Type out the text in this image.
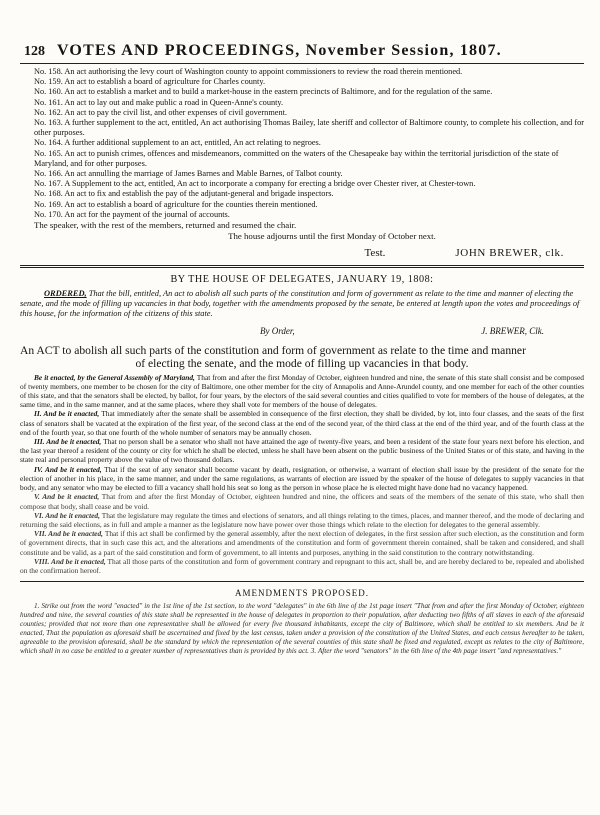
128 VOTES AND PROCEEDINGS, November Session, 1807.
No. 158. An act authorising the levy court of Washington county to appoint commissioners to review the road therein mentioned.
No. 159. An act to establish a board of agriculture for Charles county.
No. 160. An act to establish a market and to build a market-house in the eastern precincts of Baltimore, and for the regulation of the same.
No. 161. An act to lay out and make public a road in Queen-Anne's county.
No. 162. An act to pay the civil list, and other expenses of civil government.
No. 163. A further supplement to the act, entitled, An act authorising Thomas Bailey, late sheriff and collector of Baltimore county, to complete his collection, and for other purposes.
No. 164. A further additional supplement to an act, entitled, An act relating to negroes.
No. 165. An act to punish crimes, offences and misdemeanors, committed on the waters of the Chesapeake bay within the territorial jurisdiction of the state of Maryland, and for other purposes.
No. 166. An act annulling the marriage of James Barnes and Mable Barnes, of Talbot county.
No. 167. A Supplement to the act, entitled, An act to incorporate a company for erecting a bridge over Chester river, at Chester-town.
No. 168. An act to fix and establish the pay of the adjutant-general and brigade inspectors.
No. 169. An act to establish a board of agriculture for the counties therein mentioned.
No. 170. An act for the payment of the journal of accounts.
The speaker, with the rest of the members, returned and resumed the chair.
The house adjourns until the first Monday of October next.
Test.	JOHN BREWER, clk.
BY THE HOUSE OF DELEGATES, JANUARY 19, 1808:
ORDERED, That the bill, entitled, An act to abolish all such parts of the constitution and form of government as relate to the time and manner of electing the senate, and the mode of filling up vacancies in that body, together with the amendments proposed by the senate, be entered at length upon the votes and proceedings of this house, for the information of the citizens of this state.
By Order,	J. BREWER, Clk.
An ACT to abolish all such parts of the constitution and form of government as relate to the time and manner
of electing the senate, and the mode of filling up vacancies in that body.

Be it enacted, by the General Assembly of Maryland, That from and after the first Monday of October, eighteen hundred and nine, the senate of this state shall consist and be composed of twenty members, one member to be chosen for the city of Baltimore, one other member for the city of Annapolis and Anne-Arundel county, and one member for each of the other counties of this state, and that the senators shall be elected, by ballot, for four years, by the electors of the said several counties and cities qualified to vote for members of the house of delegates, at the same time, and in the same manner, and at the same places, where they shall vote for members of the house of delegates.

II. And be it enacted, That immediately after the senate shall be assembled in consequence of the first election, they shall be divided, by lot, into four classes, and the seats of the first class of senators shall be vacated at the expiration of the first year, of the second class at the end of the second year, of the third class at the end of the third year, and of the fourth class at the end of the fourth year, so that one fourth of the whole number of senators may be annually chosen.

III. And be it enacted, That no person shall be a senator who shall not have attained the age of twenty-five years, and been a resident of the state four years next before his election, and the last year thereof a resident of the county or city for which he shall be elected, unless he shall have been absent on the public business of the United States or of this state, and having in the state real and personal property above the value of two thousand dollars.

IV. And be it enacted, That if the seat of any senator shall become vacant by death, resignation, or otherwise, a warrant of election shall issue by the president of the senate for the election of another in his place, in the same manner, and under the same regulations, as warrants of election are issued by the speaker of the house of delegates to supply vacancies in that body, and any senator who may be elected to fill a vacancy shall hold his seat so long as the person in whose place he is elected might have done had no vacancy happened.

V. And be it enacted, That from and after the first Monday of October, eighteen hundred and nine, the officers and seats of the members of the senate of this state, who shall then compose that body, shall cease and be void.

VI. And be it enacted, That the legislature may regulate the times and elections of senators, and all things relating to the times, places, and manner thereof, and the mode of declaring and returning the said elections, as in full and ample a manner as the legislature now have power over those things which relate to the election for delegates to the general assembly.

VII. And be it enacted, That if this act shall be confirmed by the general assembly, after the next election of delegates, in the first session after such election, as the constitution and form of government directs, that in such case this act, and the alterations and amendments of the constitution and form of government therein contained, shall be taken and considered, and shall constitute and be valid, as a part of the said constitution and form of government, to all intents and purposes, anything in the said constitution to the contrary notwithstanding.

VIII. And be it enacted, That all those parts of the constitution and form of government contrary and repugnant to this act, shall be, and are hereby declared to be, repealed and abolished on the confirmation hereof.

AMENDMENTS PROPOSED.

1. Strike out from the word "enacted" in the 1st line of the 1st section, to the word "delegates" in the 6th line of the 1st page insert "That from and after the first Monday of October, eighteen hundred and nine, the several counties of this state shall be represented in the house of delegates in proportion to their population, after deducting two fifths of all slaves in each of the aforesaid counties; provided that not more than one representative shall be allowed for every five thousand inhabitants, except the city of Baltimore, which shall be entitled to six members. And be it enacted, That the population as aforesaid shall be ascertained and fixed by the last census, taken under a provision of the constitution of the United States, and each census hereafter to be taken, agreeable to the provision aforesaid, shall be the standard by which the representation of the several counties of this state shall be fixed and regulated, except as relates to the city of Baltimore, which shall in no case be entitled to a greater number of representatives than is provided by this act. 3. After the word "senators" in the 6th line of the 4th page insert "and representatives."
